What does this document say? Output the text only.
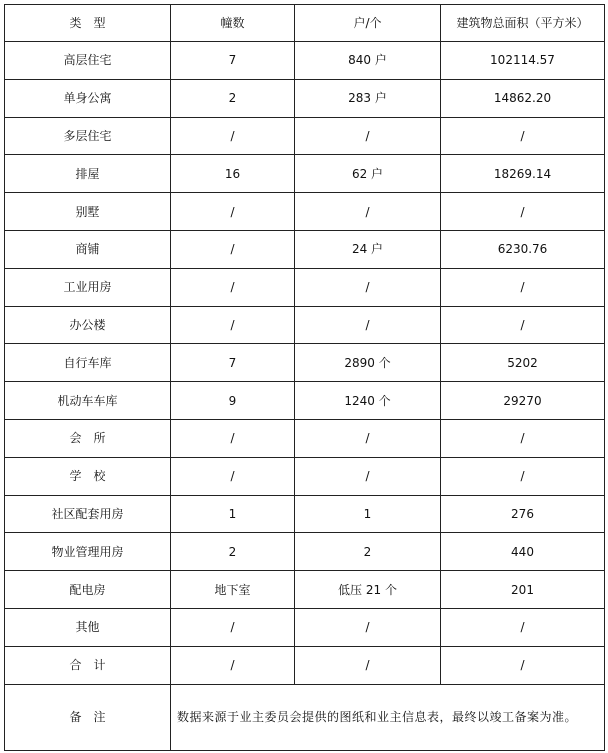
类　型	幢数	户/个	建筑物总面积（平方米）
高层住宅	7	840 户	102114.57
单身公寓	2	283 户	14862.20
多层住宅	/	/	/
排屋	16	62 户	18269.14
别墅	/	/	/
商铺	/	24 户	6230.76
工业用房	/	/	/
办公楼	/	/	/
自行车库	7	2890 个	5202
机动车车库	9	1240 个	29270
会　所	/	/	/
学　校	/	/	/
社区配套用房	1	1	276
物业管理用房	2	2	440
配电房	地下室	低压 21 个	201
其他	/	/	/
合　计	/	/	/
备　注	数据来源于业主委员会提供的图纸和业主信息表，最终以竣工备案为准。		
